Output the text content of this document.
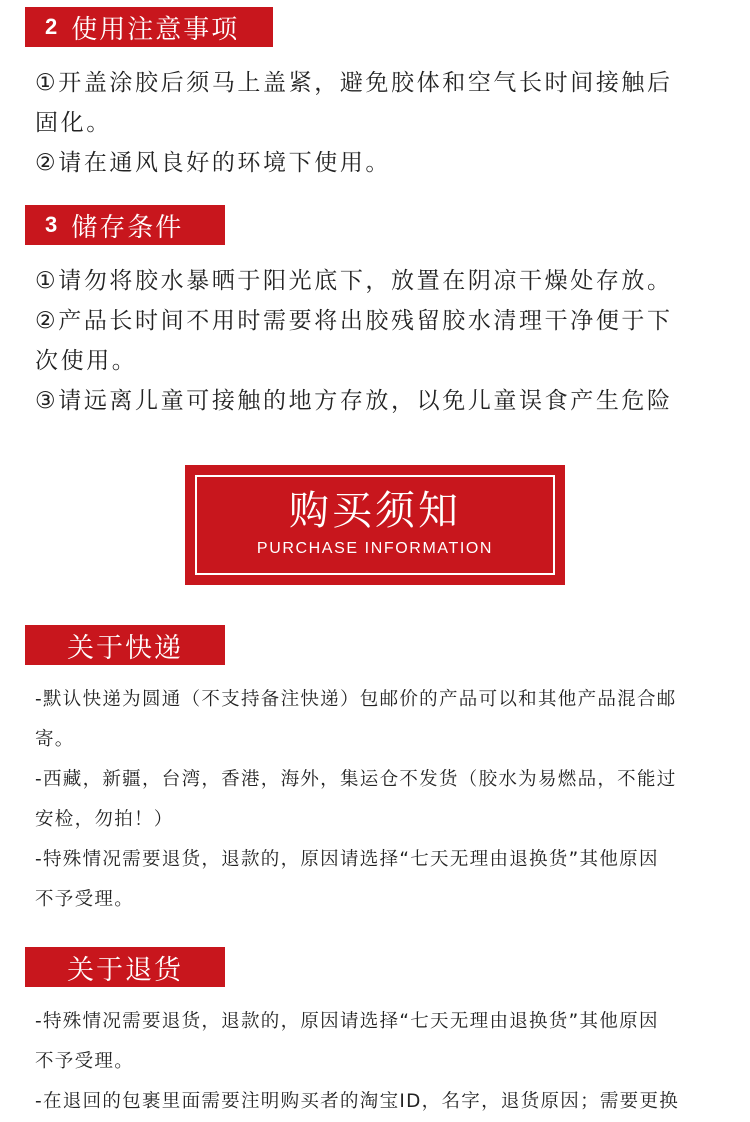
2 使用注意事项

①开盖涂胶后须马上盖紧，避免胶体和空气长时间接触后

固化。

②请在通风良好的环境下使用。

3 储存条件

①请勿将胶水暴晒于阳光底下，放置在阴凉干燥处存放。

②产品长时间不用时需要将出胶残留胶水清理干净便于下

次使用。

③请远离儿童可接触的地方存放，以免儿童误食产生危险

购买须知
PURCHASE INFORMATION
关于快递

-默认快递为圆通（不支持备注快递）包邮价的产品可以和其他产品混合邮

寄。

-西藏，新疆，台湾，香港，海外，集运仓不发货（胶水为易燃品，不能过

安检，勿拍！）

-特殊情况需要退货，退款的，原因请选择“七天无理由退换货”其他原因

不予受理。

关于退货

-特殊情况需要退货，退款的，原因请选择“七天无理由退换货”其他原因

不予受理。

-在退回的包裹里面需要注明购买者的淘宝ID，名字，退货原因；需要更换
